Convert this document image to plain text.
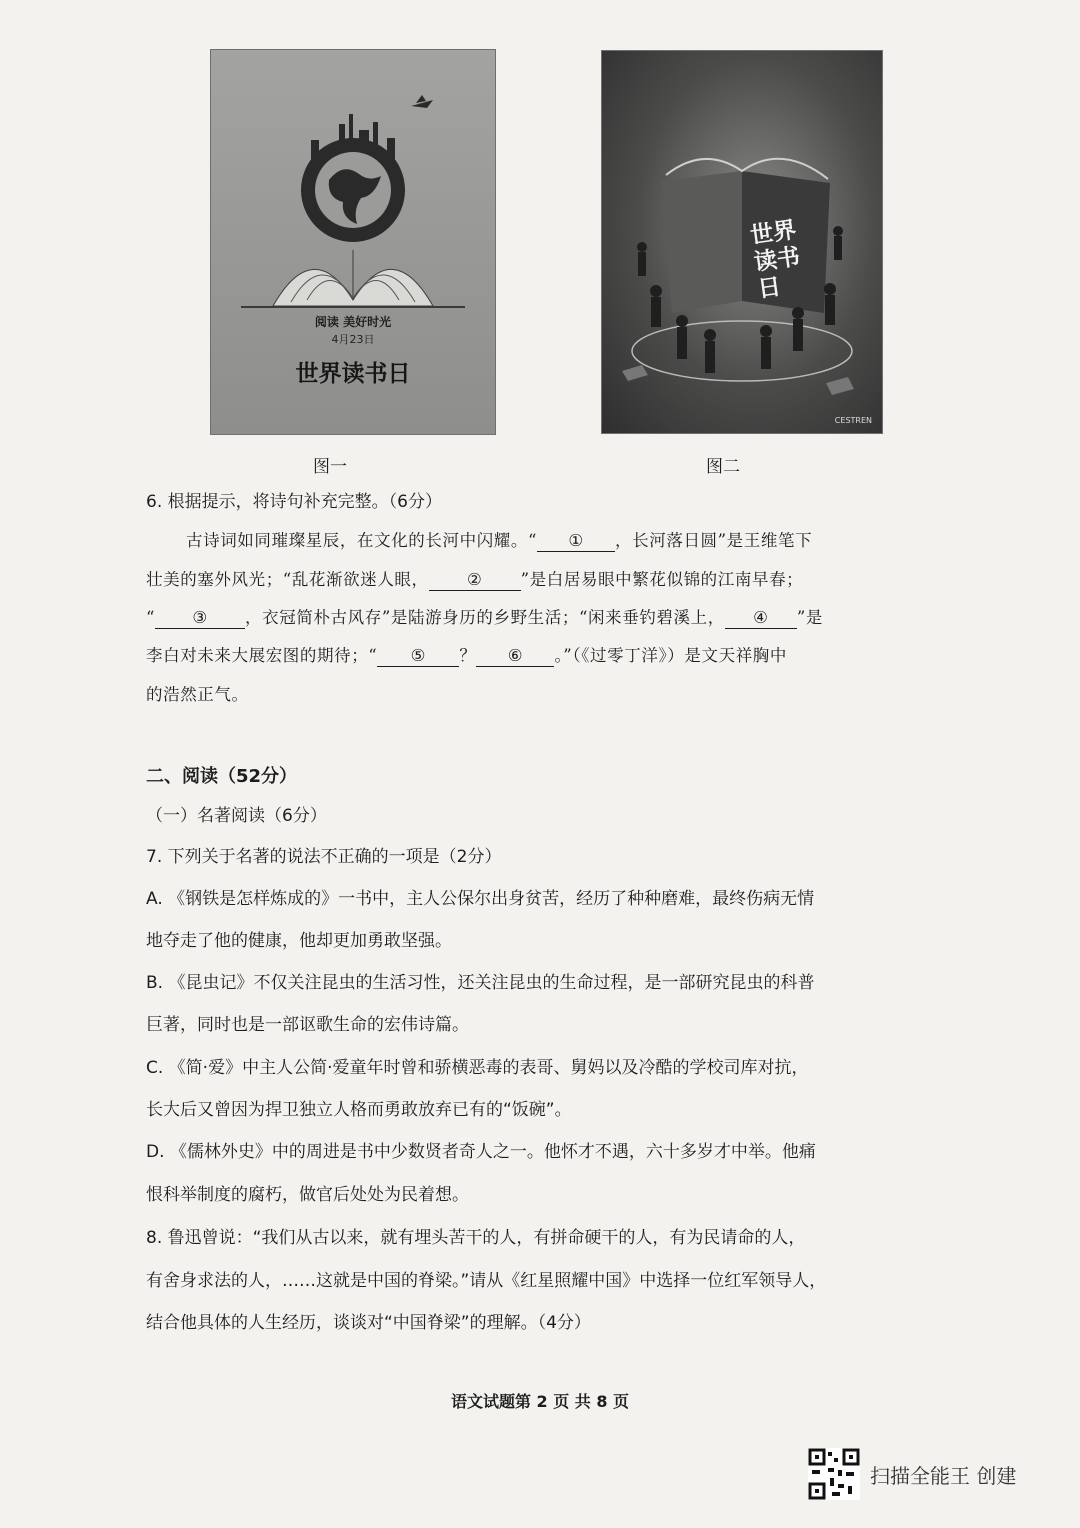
阅读 美好时光
4月23日
世界读书日
图一
世界
读书日
CESTREN
图二
6. 根据提示，将诗句补充完整。（6分）
古诗词如同璀璨星辰，在文化的长河中闪耀。“ ① ，长河落日圆”是王维笔下
壮美的塞外风光；“乱花渐欲迷人眼， ② ”是白居易眼中繁花似锦的江南早春；
“ ③ ，衣冠简朴古风存”是陆游身历的乡野生活；“闲来垂钓碧溪上， ④ ”是
李白对未来大展宏图的期待；“ ⑤ ？ ⑥ 。”（《过零丁洋》）是文天祥胸中
的浩然正气。
二、阅读（52分）
（一）名著阅读（6分）
7. 下列关于名著的说法不正确的一项是（2分）
A. 《钢铁是怎样炼成的》一书中，主人公保尔出身贫苦，经历了种种磨难，最终伤病无情
地夺走了他的健康，他却更加勇敢坚强。
B. 《昆虫记》不仅关注昆虫的生活习性，还关注昆虫的生命过程，是一部研究昆虫的科普
巨著，同时也是一部讴歌生命的宏伟诗篇。
C. 《简·爱》中主人公简·爱童年时曾和骄横恶毒的表哥、舅妈以及冷酷的学校司库对抗，
长大后又曾因为捍卫独立人格而勇敢放弃已有的“饭碗”。
D. 《儒林外史》中的周进是书中少数贤者奇人之一。他怀才不遇，六十多岁才中举。他痛
恨科举制度的腐朽，做官后处处为民着想。
8. 鲁迅曾说：“我们从古以来，就有埋头苦干的人，有拼命硬干的人，有为民请命的人，
有舍身求法的人，……这就是中国的脊梁。”请从《红星照耀中国》中选择一位红军领导人，
结合他具体的人生经历，谈谈对“中国脊梁”的理解。（4分）
语文试题第 2 页 共 8 页
扫描全能王 创建
